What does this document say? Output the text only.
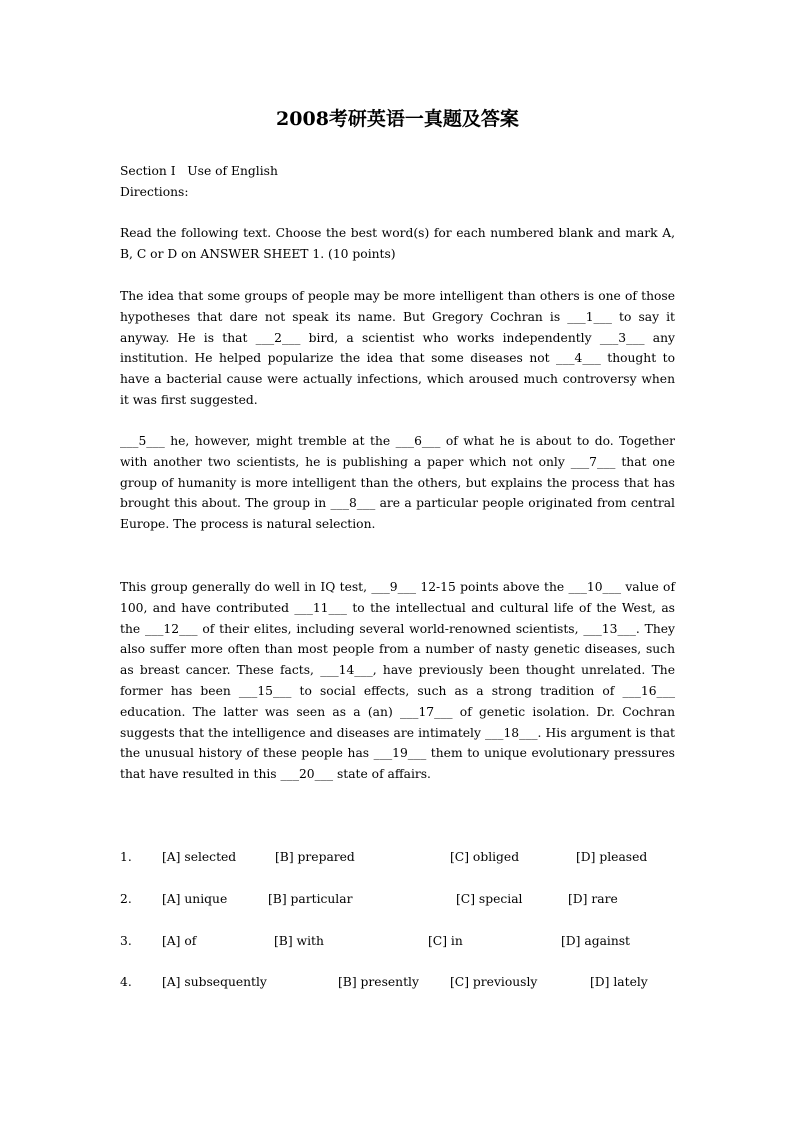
2008考研英语一真题及答案
Section I   Use of English
Directions:
Read the following text. Choose the best word(s) for each numbered blank and mark A, B, C or D on ANSWER SHEET 1. (10 points)
The idea that some groups of people may be more intelligent than others is one of those hypotheses that dare not speak its name. But Gregory Cochran is ___1___ to say it anyway. He is that ___2___ bird, a scientist who works independently ___3___ any institution. He helped popularize the idea that some diseases not ___4___ thought to have a bacterial cause were actually infections, which aroused much controversy when it was first suggested.
___5___ he, however, might tremble at the ___6___ of what he is about to do. Together with another two scientists, he is publishing a paper which not only ___7___ that one group of humanity is more intelligent than the others, but explains the process that has brought this about. The group in ___8___ are a particular people originated from central Europe. The process is natural selection.
This group generally do well in IQ test, ___9___ 12-15 points above the ___10___ value of 100, and have contributed ___11___ to the intellectual and cultural life of the West, as the ___12___ of their elites, including several world-renowned scientists, ___13___. They also suffer more often than most people from a number of nasty genetic diseases, such as breast cancer. These facts, ___14___, have previously been thought unrelated. The former has been ___15___ to social effects, such as a strong tradition of ___16___ education. The latter was seen as a (an) ___17___ of genetic isolation. Dr. Cochran suggests that the intelligence and diseases are intimately ___18___. His argument is that the unusual history of these people has ___19___ them to unique evolutionary pressures that have resulted in this ___20___ state of affairs.
1. [A] selected	[B] prepared	[C] obliged	[D] pleased
2. [A] unique	[B] particular	[C] special	[D] rare
3. [A] of	[B] with	[C] in	[D] against
4. [A] subsequently	[B] presently	[C] previously	[D] lately
